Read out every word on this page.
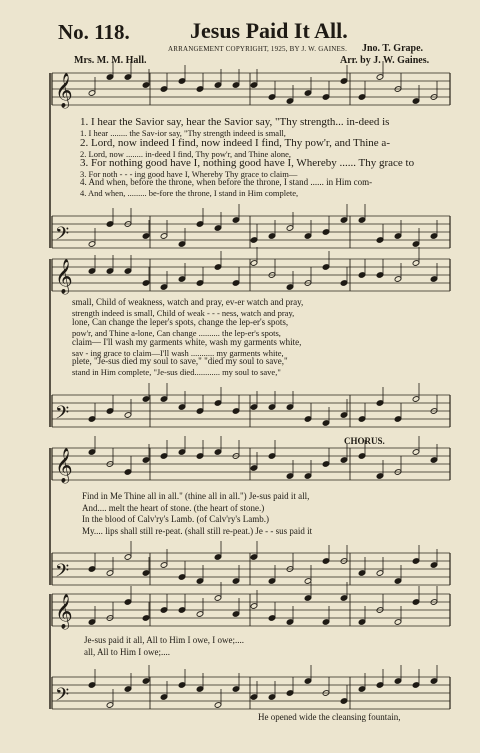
No. 118.	Jesus Paid It All.
ARRANGEMENT COPYRIGHT, 1925, BY J. W. GAINES. Jno. T. Grape.
Mrs. M. M. Hall.	Arr. by J. W. Gaines.
𝄞
𝄢
𝄞
𝄢
𝄞
𝄢
𝄞
𝄢
1. I hear the Savior say, hear the Savior say, "Thy strength... in-deed is
1. I hear ........ the Sav-ior say, "Thy strength indeed is small,
2. Lord, now indeed I find, now indeed I find, Thy pow'r, and Thine a-
2. Lord, now ........ in-deed I find, Thy pow'r, and Thine alone,
3. For nothing good have I, nothing good have I, Whereby ...... Thy grace to
3. For noth - - - ing good have I, Whereby Thy grace to claim—
4. And when, before the throne, when before the throne, I stand ...... in Him com-
4. And when, ......... be-fore the throne, I stand in Him complete,
small, Child of weakness, watch and pray, ev-er watch and pray,
strength indeed is small, Child of weak - - - ness, watch and pray,
lone, Can change the leper's spots, change the lep-er's spots,
pow'r, and Thine a-lone, Can change .......... the lep-er's spots,
claim— I'll wash my garments white, wash my garments white,
sav - ing grace to claim—I'll wash ........... my garments white,
plete, "Je-sus died my soul to save," "died my soul to save,"
stand in Him complete, "Je-sus died............ my soul to save,"
CHORUS.
Find in Me Thine all in all." (thine all in all.") Je-sus paid it all,
And.... melt the heart of stone. (the heart of stone.)
In the blood of Calv'ry's Lamb. (of Calv'ry's Lamb.)
My.... lips shall still re-peat. (shall still re-peat.) Je - - sus paid it
Je-sus paid it all, All to Him I owe, I owe;....
all, All to Him I owe;....
He opened wide the cleansing fountain,
